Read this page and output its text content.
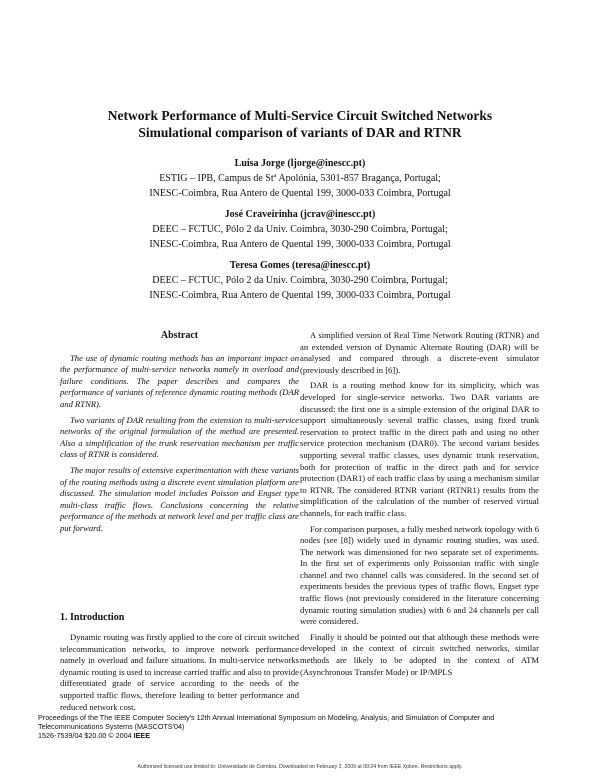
Network Performance of Multi-Service Circuit Switched Networks
Simulational comparison of variants of DAR and RTNR
Luísa Jorge (ljorge@inescc.pt)
ESTIG – IPB, Campus de Stª Apolónia, 5301-857 Bragança, Portugal;
INESC-Coimbra, Rua Antero de Quental 199, 3000-033 Coimbra, Portugal
José Craveirinha (jcrav@inescc.pt)
DEEC – FCTUC, Pólo 2 da Univ. Coimbra, 3030-290 Coimbra, Portugal;
INESC-Coimbra, Rua Antero de Quental 199, 3000-033 Coimbra, Portugal
Teresa Gomes (teresa@inescc.pt)
DEEC – FCTUC, Pólo 2 da Univ. Coimbra, 3030-290 Coimbra, Portugal;
INESC-Coimbra, Rua Antero de Quental 199, 3000-033 Coimbra, Portugal
Abstract

The use of dynamic routing methods has an important impact on the performance of multi-service networks namely in overload and failure conditions. The paper describes and compares the performance of variants of reference dynamic routing methods (DAR and RTNR).

Two variants of DAR resulting from the extension to multi-service networks of the original formulation of the method are presented. Also a simplification of the trunk reservation mechanism per traffic class of RTNR is considered.

The major results of extensive experimentation with these variants of the routing methods using a discrete event simulation platform are discussed. The simulation model includes Poisson and Engset type multi-class traffic flows. Conclusions concerning the relative performance of the methods at network level and per traffic class are put forward.

1. Introduction

Dynamic routing was firstly applied to the core of circuit switched telecommunication networks, to improve network performance namely in overload and failure situations. In multi-service networks dynamic routing is used to increase carried traffic and also to provide differentiated grade of service according to the needs of the supported traffic flows, therefore leading to better performance and reduced network cost.

A simplified version of Real Time Network Routing (RTNR) and an extended version of Dynamic Alternate Routing (DAR) will be analysed and compared through a discrete-event simulator (previously described in [6]).

DAR is a routing method know for its simplicity, which was developed for single-service networks. Two DAR variants are discussed: the first one is a simple extension of the original DAR to support simultaneously several traffic classes, using fixed trunk reservation to protect traffic in the direct path and using no other service protection mechanism (DAR0). The second variant besides supporting several traffic classes, uses dynamic trunk reservation, both for protection of traffic in the direct path and for service protection (DAR1) of each traffic class by using a mechanism similar to RTNR. The considered RTNR variant (RTNR1) results from the simplification of the calculation of the number of reserved virtual channels, for each traffic class.

For comparison purposes, a fully meshed network topology with 6 nodes (see [8]) widely used in dynamic routing studies, was used. The network was dimensioned for two separate set of experiments. In the first set of experiments only Poissonian traffic with single channel and two channel calls was considered. In the second set of experiments besides the previous types of traffic flows, Engset type traffic flows (not previously considered in the literature concerning dynamic routing simulation studies) with 6 and 24 channels per call were considered.

Finally it should be pointed out that although these methods were developed in the context of circuit switched networks, similar methods are likely to be adopted in the context of ATM (Asynchronous Transfer Mode) or IP/MPLS

Proceedings of the The IEEE Computer Society's 12th Annual International Symposium on Modeling, Analysis, and Simulation of Computer and Telecommunications Systems (MASCOTS'04)
1526-7539/04 $20.00 © 2004 IEEE
Authorized licensed use limited to: Universidade de Coimbra. Downloaded on February 2, 2009 at 00:24 from IEEE Xplore. Restrictions apply.
